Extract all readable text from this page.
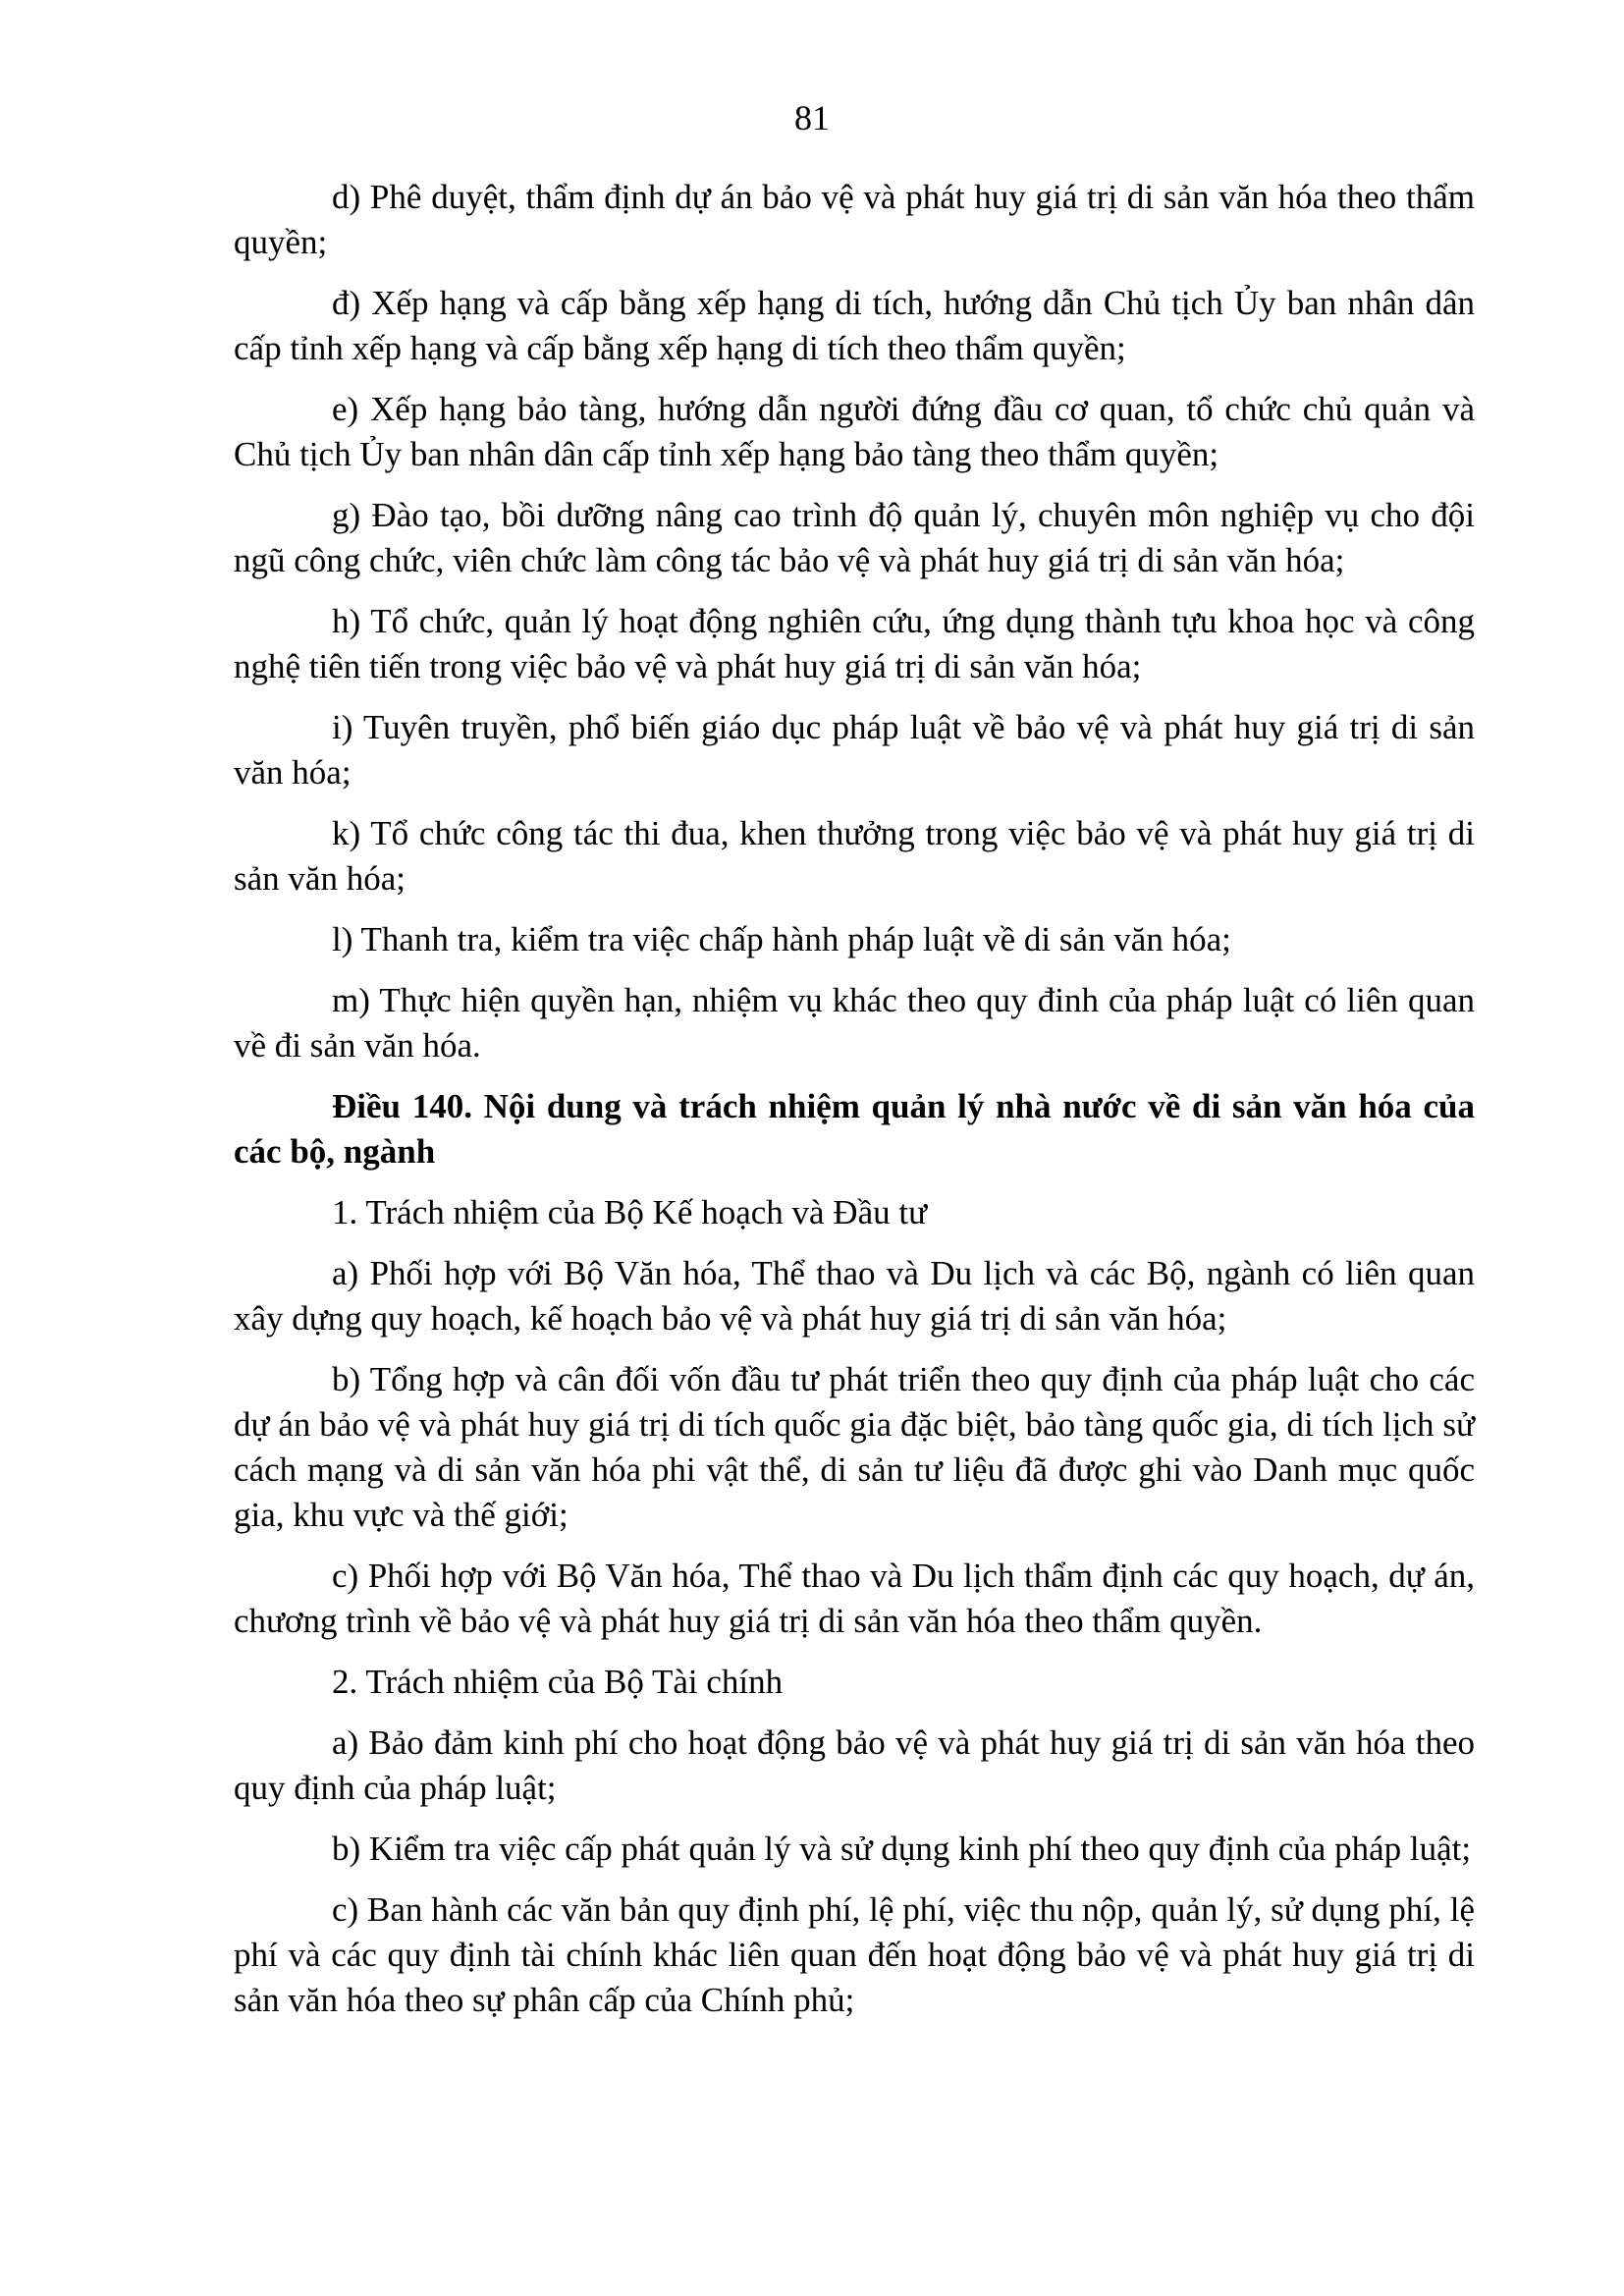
81

d) Phê duyệt, thẩm định dự án bảo vệ và phát huy giá trị di sản văn hóa theo thẩm quyền;

đ) Xếp hạng và cấp bằng xếp hạng di tích, hướng dẫn Chủ tịch Ủy ban nhân dân cấp tỉnh xếp hạng và cấp bằng xếp hạng di tích theo thẩm quyền;

e) Xếp hạng bảo tàng, hướng dẫn người đứng đầu cơ quan, tổ chức chủ quản và Chủ tịch Ủy ban nhân dân cấp tỉnh xếp hạng bảo tàng theo thẩm quyền;

g) Đào tạo, bồi dưỡng nâng cao trình độ quản lý, chuyên môn nghiệp vụ cho đội ngũ công chức, viên chức làm công tác bảo vệ và phát huy giá trị di sản văn hóa;

h) Tổ chức, quản lý hoạt động nghiên cứu, ứng dụng thành tựu khoa học và công nghệ tiên tiến trong việc bảo vệ và phát huy giá trị di sản văn hóa;

i) Tuyên truyền, phổ biến giáo dục pháp luật về bảo vệ và phát huy giá trị di sản văn hóa;

k) Tổ chức công tác thi đua, khen thưởng trong việc bảo vệ và phát huy giá trị di sản văn hóa;

l) Thanh tra, kiểm tra việc chấp hành pháp luật về di sản văn hóa;

m) Thực hiện quyền hạn, nhiệm vụ khác theo quy đinh của pháp luật có liên quan về đi sản văn hóa.

Điều 140. Nội dung và trách nhiệm quản lý nhà nước về di sản văn hóa của các bộ, ngành

1. Trách nhiệm của Bộ Kế hoạch và Đầu tư

a) Phối hợp với Bộ Văn hóa, Thể thao và Du lịch và các Bộ, ngành có liên quan xây dựng quy hoạch, kế hoạch bảo vệ và phát huy giá trị di sản văn hóa;

b) Tổng hợp và cân đối vốn đầu tư phát triển theo quy định của pháp luật cho các dự án bảo vệ và phát huy giá trị di tích quốc gia đặc biệt, bảo tàng quốc gia, di tích lịch sử cách mạng và di sản văn hóa phi vật thể, di sản tư liệu đã được ghi vào Danh mục quốc gia, khu vực và thế giới;

c) Phối hợp với Bộ Văn hóa, Thể thao và Du lịch thẩm định các quy hoạch, dự án, chương trình về bảo vệ và phát huy giá trị di sản văn hóa theo thẩm quyền.

2. Trách nhiệm của Bộ Tài chính

a) Bảo đảm kinh phí cho hoạt động bảo vệ và phát huy giá trị di sản văn hóa theo quy định của pháp luật;

b) Kiểm tra việc cấp phát quản lý và sử dụng kinh phí theo quy định của pháp luật;

c) Ban hành các văn bản quy định phí, lệ phí, việc thu nộp, quản lý, sử dụng phí, lệ phí và các quy định tài chính khác liên quan đến hoạt động bảo vệ và phát huy giá trị di sản văn hóa theo sự phân cấp của Chính phủ;
